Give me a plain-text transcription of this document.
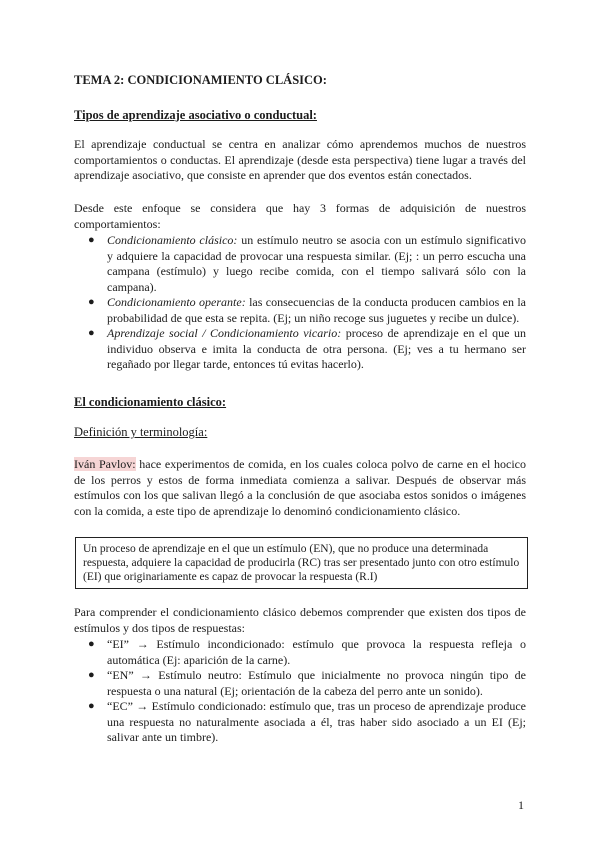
TEMA 2: CONDICIONAMIENTO CLÁSICO:
Tipos de aprendizaje asociativo o conductual:
El aprendizaje conductual se centra en analizar cómo aprendemos muchos de nuestros comportamientos o conductas. El aprendizaje (desde esta perspectiva) tiene lugar a través del aprendizaje asociativo, que consiste en aprender que dos eventos están conectados.
Desde este enfoque se considera que hay 3 formas de adquisición de nuestros comportamientos:
● Condicionamiento clásico: un estímulo neutro se asocia con un estímulo significativo y adquiere la capacidad de provocar una respuesta similar. (Ej; : un perro escucha una campana (estímulo) y luego recibe comida, con el tiempo salivará sólo con la campana).
● Condicionamiento operante: las consecuencias de la conducta producen cambios en la probabilidad de que esta se repita. (Ej; un niño recoge sus juguetes y recibe un dulce).
● Aprendizaje social / Condicionamiento vicario: proceso de aprendizaje en el que un individuo observa e imita la conducta de otra persona. (Ej; ves a tu hermano ser regañado por llegar tarde, entonces tú evitas hacerlo).
El condicionamiento clásico:
Definición y terminología:
Iván Pavlov: hace experimentos de comida, en los cuales coloca polvo de carne en el hocico de los perros y estos de forma inmediata comienza a salivar. Después de observar más estímulos con los que salivan llegó a la conclusión de que asociaba estos sonidos o imágenes con la comida, a este tipo de aprendizaje lo denominó condicionamiento clásico.
Un proceso de aprendizaje en el que un estímulo (EN), que no produce una determinada respuesta, adquiere la capacidad de producirla (RC) tras ser presentado junto con otro estímulo (EI) que originariamente es capaz de provocar la respuesta (R.I)
Para comprender el condicionamiento clásico debemos comprender que existen dos tipos de estímulos y dos tipos de respuestas:
● “EI” → Estímulo incondicionado: estímulo que provoca la respuesta refleja o automática (Ej: aparición de la carne).
● “EN” → Estímulo neutro: Estímulo que inicialmente no provoca ningún tipo de respuesta o una natural (Ej; orientación de la cabeza del perro ante un sonido).
● “EC” → Estímulo condicionado: estímulo que, tras un proceso de aprendizaje produce una respuesta no naturalmente asociada a él, tras haber sido asociado a un EI (Ej; salivar ante un timbre).
1
